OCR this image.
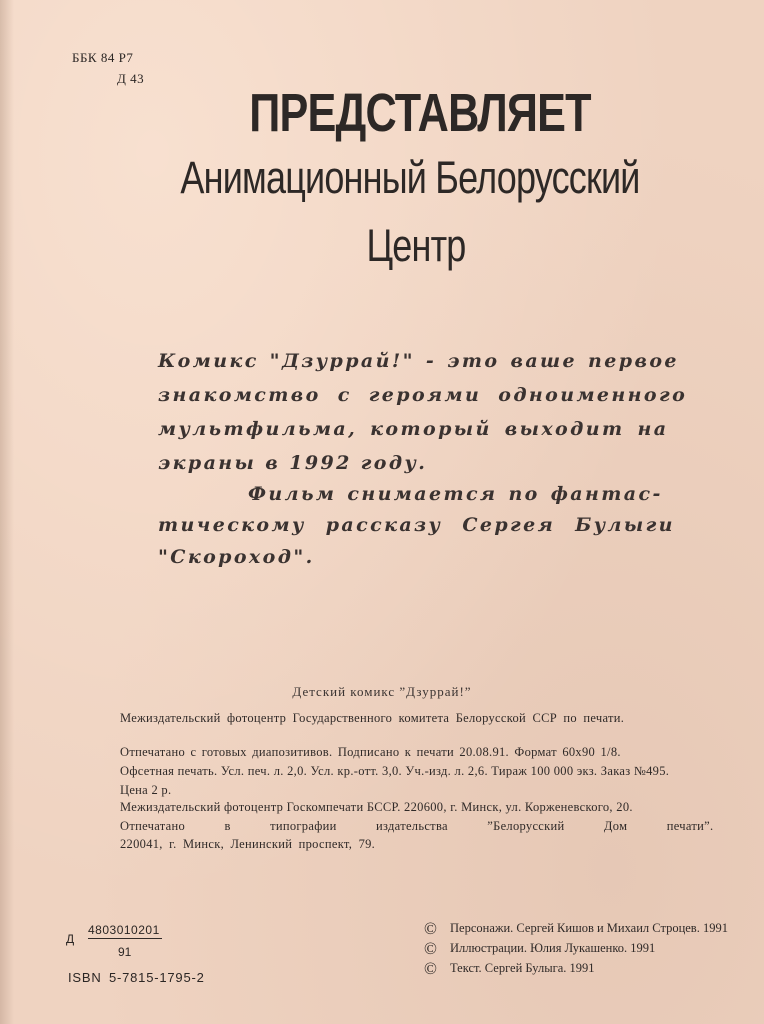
ББК 84 Р7
Д 43
ПРЕДСТАВЛЯЕТ
Анимационный Белорусский
Центр
Комикс "Дзуррай!" - это ваше первое
знакомство с героями одноименного
мультфильма, который выходит на
экраны в 1992 году.
Фильм снимается по фантас-
тическому рассказу Сергея Булыги
"Скороход".
Детский комикс ”Дзуррай!”
Межиздательский фотоцентр Государственного комитета Белорусской ССР по печати.
Отпечатано с готовых диапозитивов. Подписано к печати 20.08.91. Формат 60х90 1/8.
Офсетная печать. Усл. печ. л. 2,0. Усл. кр.-отт. 3,0. Уч.-изд. л. 2,6. Тираж 100 000 экз. Заказ №495.
Цена 2 р.
Межиздательский фотоцентр Госкомпечати БССР. 220600, г. Минск, ул. Корженевского, 20.
Отпечатано в типографии издательства ”Белорусский Дом печати”.
220041, г. Минск, Ленинский проспект, 79.
Д
4803010201
91
ISBN 5-7815-1795-2
©	Персонажи. Сергей Кишов и Михаил Строцев. 1991
©	Иллюстрации. Юлия Лукашенко. 1991
©	Текст. Сергей Булыга. 1991
